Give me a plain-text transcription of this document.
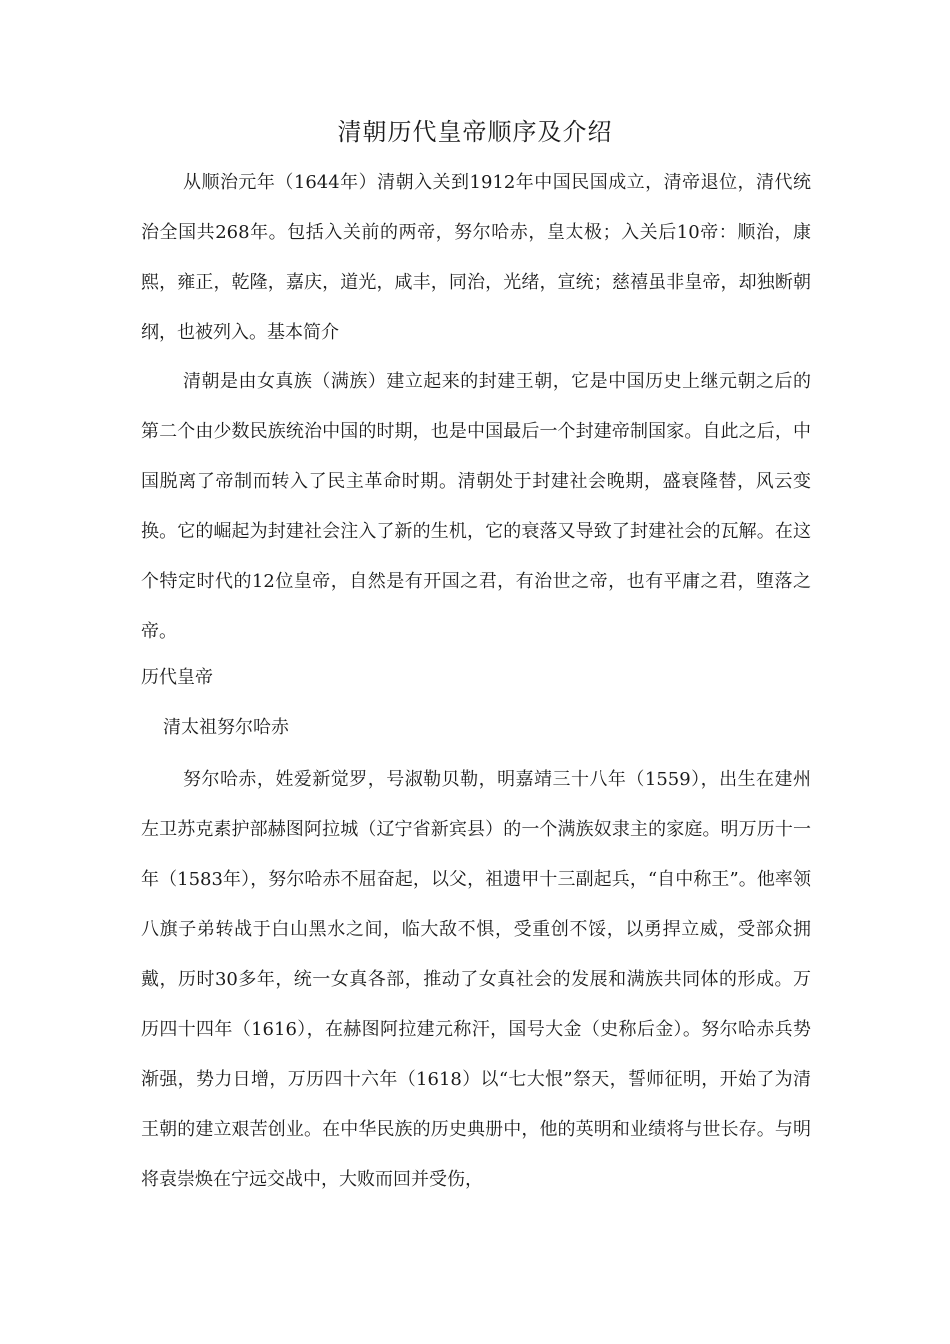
清朝历代皇帝顺序及介绍

从顺治元年（1644年）清朝入关到1912年中国民国成立，清帝退位，清代统治全国共268年。包括入关前的两帝，努尔哈赤，皇太极；入关后10帝：顺治，康熙，雍正，乾隆，嘉庆，道光，咸丰，同治，光绪，宣统；慈禧虽非皇帝，却独断朝纲，也被列入。基本简介

清朝是由女真族（满族）建立起来的封建王朝，它是中国历史上继元朝之后的第二个由少数民族统治中国的时期，也是中国最后一个封建帝制国家。自此之后，中国脱离了帝制而转入了民主革命时期。清朝处于封建社会晚期，盛衰隆替，风云变换。它的崛起为封建社会注入了新的生机，它的衰落又导致了封建社会的瓦解。在这个特定时代的12位皇帝，自然是有开国之君，有治世之帝，也有平庸之君，堕落之帝。

历代皇帝
清太祖努尔哈赤

努尔哈赤，姓爱新觉罗，号淑勒贝勒，明嘉靖三十八年（1559），出生在建州左卫苏克素护部赫图阿拉城（辽宁省新宾县）的一个满族奴隶主的家庭。明万历十一年（1583年），努尔哈赤不屈奋起，以父，祖遗甲十三副起兵，“自中称王”。他率领八旗子弟转战于白山黑水之间，临大敌不惧，受重创不馁，以勇捍立威，受部众拥戴，历时30多年，统一女真各部，推动了女真社会的发展和满族共同体的形成。万历四十四年（1616），在赫图阿拉建元称汗，国号大金（史称后金）。努尔哈赤兵势渐强，势力日增，万历四十六年（1618）以“七大恨”祭天，誓师征明，开始了为清王朝的建立艰苦创业。在中华民族的历史典册中，他的英明和业绩将与世长存。与明将袁崇焕在宁远交战中，大败而回并受伤，
